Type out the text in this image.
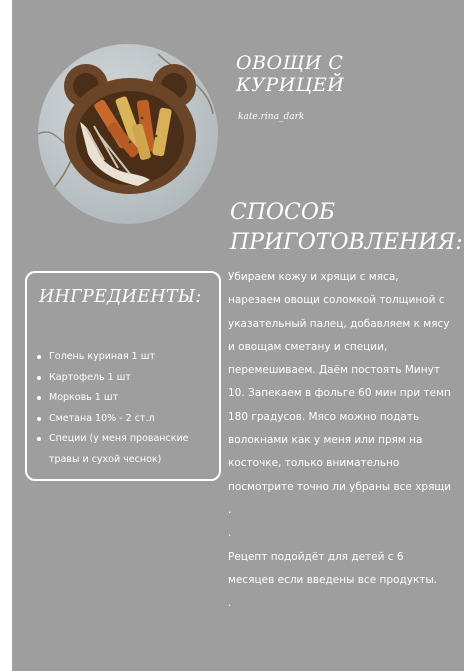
ОВОЩИ С КУРИЦЕЙ
kate.rina_dark
СПОСОБ
ПРИГОТОВЛЕНИЯ:

Убираем кожу и хрящи с мяса, нарезаем овощи соломкой толщиной с указательный палец, добавляем к мясу и овощам сметану и специи, перемешиваем. Даём постоять Минут 10. Запекаем в фольге 60 мин при темп 180 градусов. Мясо можно подать волокнами как у меня или прям на косточке, только внимательно посмотрите точно ли убраны все хрящи .

.

Рецепт подойдёт для детей с 6 месяцев если введены все продукты.

.

ИНГРЕДИЕНТЫ:
Голень куриная 1 шт
Картофель 1 шт
Морковь 1 шт
Сметана 10% - 2 ст.л
Специи (у меня прованские травы и сухой чеснок)
